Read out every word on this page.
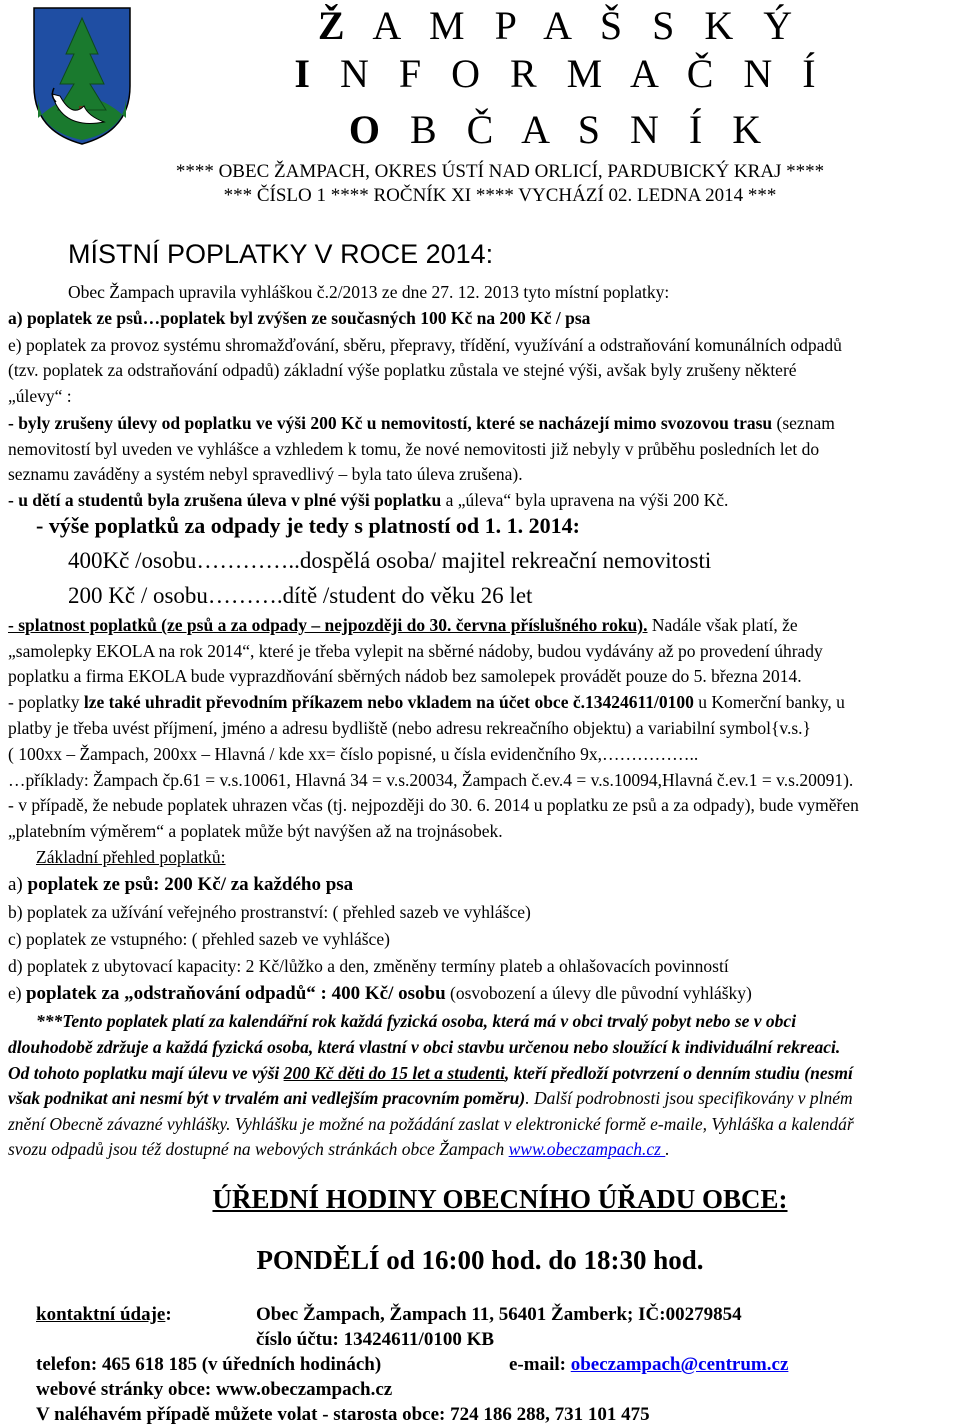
Ž A M P A Š S K Ý
I N F O R M A Č N Í
O B Č A S N Í K
**** OBEC ŽAMPACH, OKRES ÚSTÍ NAD ORLICÍ, PARDUBICKÝ KRAJ ****
*** ČÍSLO 1 **** ROČNÍK XI **** VYCHÁZÍ 02. LEDNA 2014 ***
MÍSTNÍ POPLATKY V ROCE 2014:
Obec Žampach upravila vyhláškou č.2/2013 ze dne 27. 12. 2013 tyto místní poplatky:
a) poplatek ze psů…poplatek byl zvýšen ze současných 100 Kč na 200 Kč / psa
e) poplatek za provoz systému shromažďování, sběru, přepravy, třídění, využívání a odstraňování komunálních odpadů
(tzv. poplatek za odstraňování odpadů) základní výše poplatku zůstala ve stejné výši, avšak byly zrušeny některé
„úlevy“ :
- byly zrušeny úlevy od poplatku ve výši 200 Kč u nemovitostí, které se nacházejí mimo svozovou trasu (seznam
nemovitostí byl uveden ve vyhlášce a vzhledem k tomu, že nové nemovitosti již nebyly v průběhu posledních let do
seznamu zaváděny a systém nebyl spravedlivý – byla tato úleva zrušena).
- u dětí a studentů byla zrušena úleva v plné výši poplatku a „úleva“ byla upravena na výši 200 Kč.
- výše poplatků za odpady je tedy s platností od 1. 1. 2014:
400Kč /osobu…………..dospělá osoba/ majitel rekreační nemovitosti
200 Kč / osobu……….dítě /student do věku 26 let
- splatnost poplatků (ze psů a za odpady – nejpozději do 30. června příslušného roku). Nadále však platí, že
„samolepky EKOLA na rok 2014“, které je třeba vylepit na sběrné nádoby, budou vydávány až po provedení úhrady
poplatku a firma EKOLA bude vyprazdňování sběrných nádob bez samolepek provádět pouze do 5. března 2014.
- poplatky lze také uhradit převodním příkazem nebo vkladem na účet obce č.13424611/0100 u Komerční banky, u
platby je třeba uvést příjmení, jméno a adresu bydliště (nebo adresu rekreačního objektu) a variabilní symbol{v.s.}
( 100xx – Žampach, 200xx – Hlavná / kde xx= číslo popisné, u čísla evidenčního 9x,……………..
…příklady: Žampach čp.61 = v.s.10061, Hlavná 34 = v.s.20034, Žampach č.ev.4 = v.s.10094,Hlavná č.ev.1 = v.s.20091).
- v případě, že nebude poplatek uhrazen včas (tj. nejpozději do 30. 6. 2014 u poplatku ze psů a za odpady), bude vyměřen
„platebním výměrem“ a poplatek může být navýšen až na trojnásobek.
Základní přehled poplatků:
a) poplatek ze psů: 200 Kč/ za každého psa
b) poplatek za užívání veřejného prostranství: ( přehled sazeb ve vyhlášce)
c) poplatek ze vstupného: ( přehled sazeb ve vyhlášce)
d) poplatek z ubytovací kapacity: 2 Kč/lůžko a den, změněny termíny plateb a ohlašovacích povinností
e) poplatek za „odstraňování odpadů“ : 400 Kč/ osobu (osvobození a úlevy dle původní vyhlášky)
***Tento poplatek platí za kalendářní rok každá fyzická osoba, která má v obci trvalý pobyt nebo se v obci
dlouhodobě zdržuje a každá fyzická osoba, která vlastní v obci stavbu určenou nebo sloužící k individuální rekreaci.
Od tohoto poplatku mají úlevu ve výši 200 Kč děti do 15 let a studenti, kteří předloží potvrzení o denním studiu (nesmí
však podnikat ani nesmí být v trvalém ani vedlejším pracovním poměru). Další podrobnosti jsou specifikovány v plném
znění Obecně závazné vyhlášky. Vyhlášku je možné na požádání zaslat v elektronické formě e-maile, Vyhláška a kalendář
svozu odpadů jsou též dostupné na webových stránkách obce Žampach www.obeczampach.cz .
ÚŘEDNÍ HODINY OBECNÍHO ÚŘADU OBCE:
PONDĚLÍ od 16:00 hod. do 18:30 hod.
kontaktní údaje:	Obec Žampach, Žampach 11, 56401 Žamberk; IČ:00279854
číslo účtu: 13424611/0100 KB
telefon: 465 618 185 (v úředních hodinách)	e-mail: obeczampach@centrum.cz
webové stránky obce: www.obeczampach.cz
V naléhavém případě můžete volat - starosta obce: 724 186 288, 731 101 475
